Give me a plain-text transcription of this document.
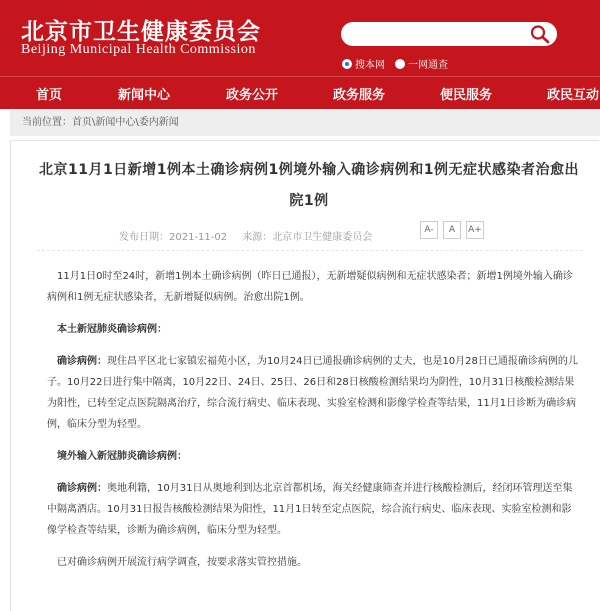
北京市卫生健康委员会
Beijing Municipal Health Commission
搜本网 一网通查
首页	新闻中心	政务公开	政务服务	便民服务	政民互动
当前位置：首页\新闻中心\委内新闻
北京11月1日新增1例本土确诊病例1例境外输入确诊病例和1例无症状感染者治愈出院1例
发布日期：2021-11-02 来源：北京市卫生健康委员会
A-	A	A+

11月1日0时至24时，新增1例本土确诊病例（昨日已通报），无新增疑似病例和无症状感染者；新增1例境外输入确诊病例和1例无症状感染者，无新增疑似病例。治愈出院1例。

本土新冠肺炎确诊病例：

确诊病例：现住昌平区北七家镇宏福苑小区，为10月24日已通报确诊病例的丈夫，也是10月28日已通报确诊病例的儿子。10月22日进行集中隔离，10月22日、24日、25日、26日和28日核酸检测结果均为阴性，10月31日核酸检测结果为阳性，已转至定点医院隔离治疗，综合流行病史、临床表现、实验室检测和影像学检查等结果，11月1日诊断为确诊病例，临床分型为轻型。

境外输入新冠肺炎确诊病例：

确诊病例：奥地利籍，10月31日从奥地利到达北京首都机场，海关经健康筛查并进行核酸检测后，经闭环管理送至集中隔离酒店。10月31日报告核酸检测结果为阳性，11月1日转至定点医院，综合流行病史、临床表现、实验室检测和影像学检查等结果，诊断为确诊病例，临床分型为轻型。

已对确诊病例开展流行病学调查，按要求落实管控措施。
